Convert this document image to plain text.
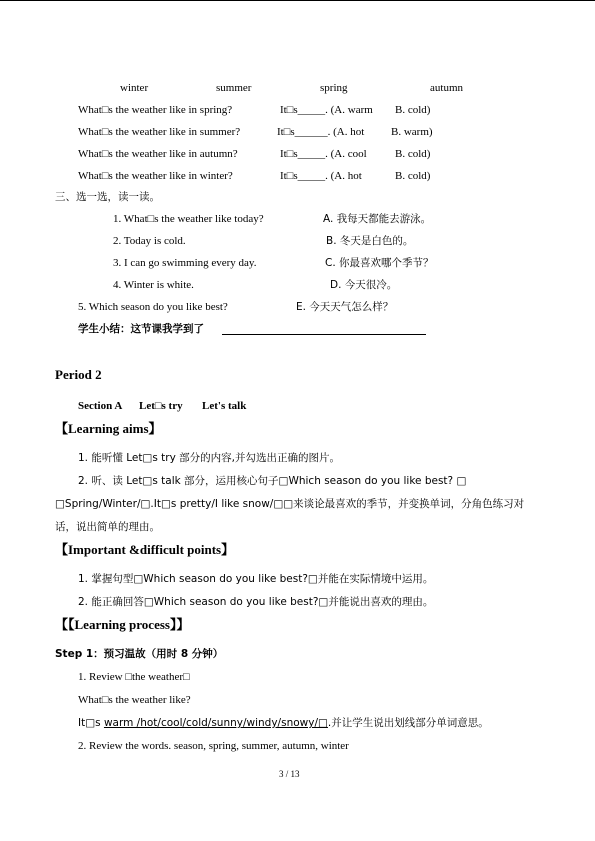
winter	summer	spring	autumn
What□s the weather like in spring?	It□s_____. (A. warm B. cold)
What□s the weather like in summer?	It□s______. (A. hot B. warm)
What□s the weather like in autumn?	It□s_____. (A. cool	B. cold)
What□s the weather like in winter?	It□s_____. (A. hot	B. cold)
三、选一选，读一读。
1. What□s the weather like today?	A. 我每天都能去游泳。
2. Today is cold.	B. 冬天是白色的。
3. I can go swimming every day.	C. 你最喜欢哪个季节？
4. Winter is white.	D. 今天很冷。
5. Which season do you like best?	E. 今天天气怎么样？
学生小结：这节课我学到了
Period 2
Section A Let□s try Let's talk
【Learning aims】
1. 能听懂 Let□s try 部分的内容,并勾选出正确的图片。
2. 听、读 Let□s talk 部分，运用核心句子□Which season do you like best? □
□Spring/Winter/□.It□s pretty/I like snow/□□来谈论最喜欢的季节，并变换单词，分角色练习对
话，说出简单的理由。
【Important &difficult points】
1. 掌握句型□Which season do you like best?□并能在实际情境中运用。
2. 能正确回答□Which season do you like best?□并能说出喜欢的理由。
【【Learning process】】
Step 1：预习温故（用时 8 分钟）
1. Review □the weather□
What□s the weather like?
It□s warm /hot/cool/cold/sunny/windy/snowy/□.并让学生说出划线部分单词意思。
2. Review the words. season, spring, summer, autumn, winter
3 / 13
